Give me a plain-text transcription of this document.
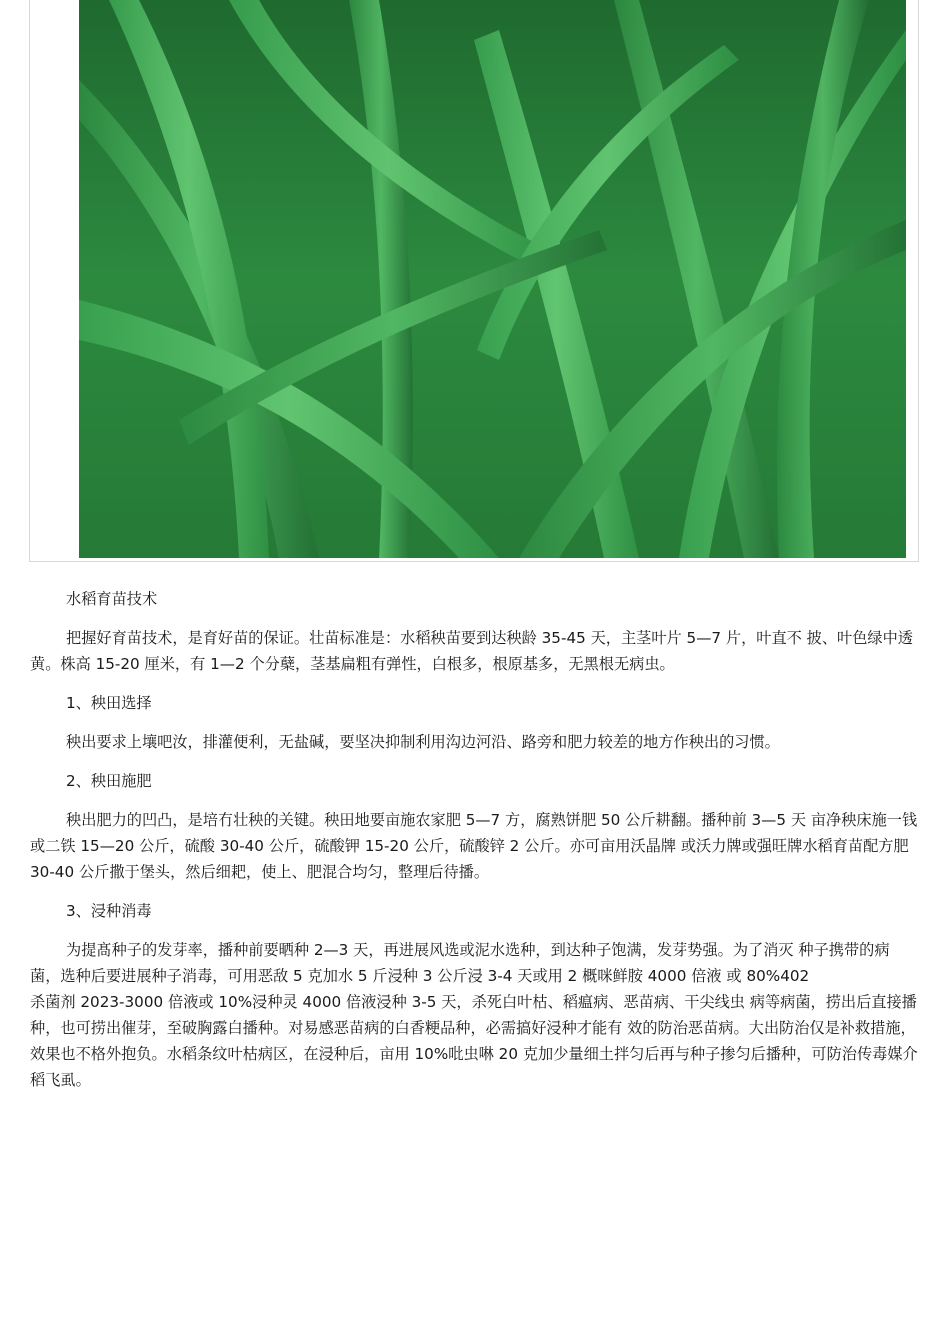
水稻育苗技术

把握好育苗技术，是育好苗的保证。壮苗标准是：水稻秧苗要到达秧龄 35-45 天，主茎叶片 5—7 片，叶直不 披、叶色绿中透黄。株高 15-20 厘米，有 1—2 个分蘖，茎基扁粗有弹性，白根多，根原基多，无黑根无病虫。

1、秧田选择

秧出要求上壤吧汝，排灌便利，无盐碱，要坚决抑制利用沟边河沿、路旁和肥力较差的地方作秧出的习惯。

2、秧田施肥

秧出肥力的凹凸，是培冇壮秧的关键。秧田地要亩施农家肥 5—7 方，腐熟饼肥 50 公斤耕翻。播种前 3—5 天 亩净秧床施一钱或二铁 15—20 公斤，硫酸 30-40 公斤，硫酸钾 15-20 公斤，硫酸锌 2 公斤。亦可亩用沃晶牌 或沃力牌或强旺牌水稻育苗配方肥 30-40 公斤撒于堡头，然后细耙，使上、肥混合均匀，整理后待播。

3、浸种消毒

为提髙种子的发芽率，播种前要晒种 2—3 天，再进展风选或泥水选种，到达种子饱满，发芽势强。为了消灭 种子携带的病菌，选种后要进展种子消毒，可用恶敌 5 克加水 5 斤浸种 3 公斤浸 3-4 天或用 2 概咪鲜胺 4000 倍液 或 80%402

杀菌剂 2023-3000 倍液或 10%浸种灵 4000 倍液浸种 3-5 天，杀死白叶枯、稻瘟病、恶苗病、干尖线虫 病等病菌，捞出后直接播种，也可捞出催芽，至破胸露白播种。对易感恶苗病的白香粳品种，必需搞好浸种才能有 效的防治恶苗病。大出防治仅是补救措施，效果也不格外抱负。水稻条纹叶枯病区，在浸种后，亩用 10%吡虫啉 20 克加少量细土拌匀后再与种子掺匀后播种，可防治传毒媒介稻飞虱。
